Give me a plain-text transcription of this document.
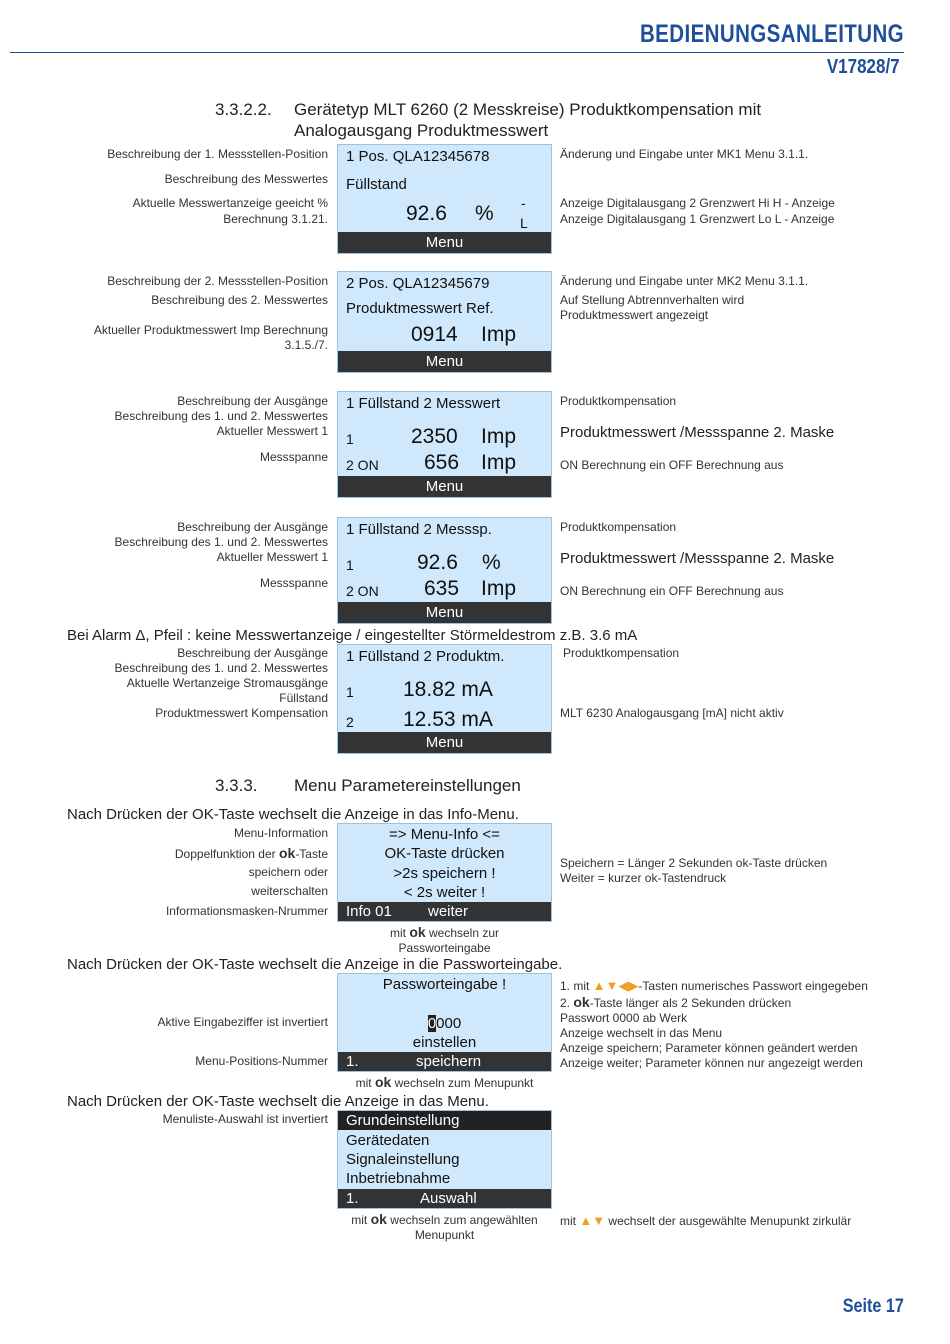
BEDIENUNGSANLEITUNG
V17828/7
3.3.2.2. Gerätetyp MLT 6260 (2 Messkreise) Produktkompensation mit
Analogausgang Produktmesswert
Beschreibung der 1. Messstellen-Position
Beschreibung des Messwertes
Aktuelle Messwertanzeige geeicht %
Berechnung 3.1.21.
1 Pos. QLA12345678
Füllstand
92.6 % -
L
Menu
Änderung und Eingabe unter MK1 Menu 3.1.1.
Anzeige Digitalausgang 2 Grenzwert Hi H - Anzeige
Anzeige Digitalausgang 1 Grenzwert Lo L - Anzeige
Beschreibung der 2. Messstellen-Position
Beschreibung des 2. Messwertes
Aktueller Produktmesswert Imp Berechnung
3.1.5./7.
2 Pos. QLA12345679
Produktmesswert Ref.
0914 Imp
Menu
Änderung und Eingabe unter MK2 Menu 3.1.1.
Auf Stellung Abtrennverhalten wird
Produktmesswert angezeigt
Beschreibung der Ausgänge
Beschreibung des 1. und 2. Messwertes
Aktueller Messwert 1
Messspanne
1 Füllstand 2 Messwert
1	2350 Imp
2 ON 656 Imp
Menu
Produktkompensation
Produktmesswert /Messspanne 2. Maske
ON Berechnung ein OFF Berechnung aus
Beschreibung der Ausgänge
Beschreibung des 1. und 2. Messwertes
Aktueller Messwert 1
Messspanne
1 Füllstand 2 Messsp.
1	92.6 %
2 ON 635 Imp
Menu
Produktkompensation
Produktmesswert /Messspanne 2. Maske
ON Berechnung ein OFF Berechnung aus
Bei Alarm Δ, Pfeil : keine Messwertanzeige / eingestellter Störmeldestrom z.B. 3.6 mA
Beschreibung der Ausgänge
Beschreibung des 1. und 2. Messwertes
Aktuelle Wertanzeige Stromausgänge
Füllstand
Produktmesswert Kompensation
1 Füllstand 2 Produktm.
1 18.82 mA
2 12.53 mA
Menu
Produktkompensation
MLT 6230 Analogausgang [mA] nicht aktiv
3.3.3. Menu Parametereinstellungen
Nach Drücken der OK-Taste wechselt die Anzeige in das Info-Menu.
Menu-Information
Doppelfunktion der ok-Taste
speichern oder
weiterschalten
Informationsmasken-Nrummer
=> Menu-Info <=
OK-Taste drücken
>2s speichern !
< 2s weiter !
Info 01 weiter
Speichern = Länger 2 Sekunden ok-Taste drücken
Weiter = kurzer ok-Tastendruck
mit ok wechseln zur
Passworteingabe
Nach Drücken der OK-Taste wechselt die Anzeige in die Passworteingabe.
Aktive Eingabeziffer ist invertiert
Menu-Positions-Nummer
Passworteingabe !
0000
einstellen
1.	speichern
1. mit ▲▼◀▶-Tasten numerisches Passwort eingegeben
2. ok-Taste länger als 2 Sekunden drücken
Passwort 0000 ab Werk
Anzeige wechselt in das Menu
Anzeige speichern; Parameter können geändert werden
Anzeige weiter; Parameter können nur angezeigt werden
mit ok wechseln zum Menupunkt
Nach Drücken der OK-Taste wechselt die Anzeige in das Menu.
Menuliste-Auswahl ist invertiert	Grundeinstellung
Gerätedaten
Signaleinstellung
Inbetriebnahme
1.	Auswahl
mit ok wechseln zum angewählten
Menupunkt
mit ▲▼ wechselt der ausgewählte Menupunkt zirkulär
Seite 17
